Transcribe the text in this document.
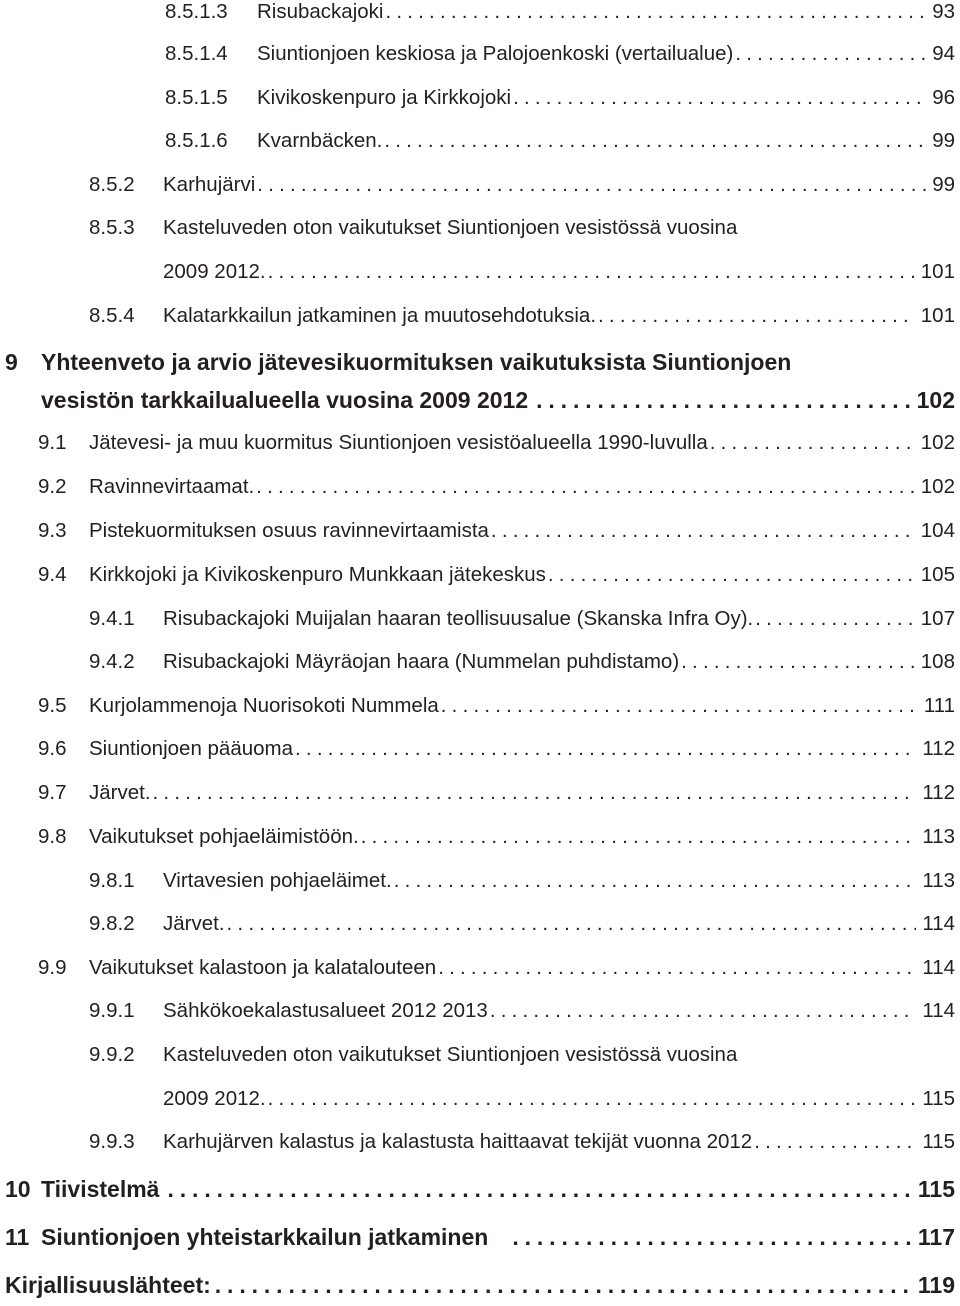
8.5.1.3	Risubackajoki . . .	93
8.5.1.4	Siuntionjoen keskiosa ja Palojoenkoski (vertailualue) . . .	94
8.5.1.5	Kivikoskenpuro ja Kirkkojoki . . .	96
8.5.1.6	Kvarnbäcken. . . .	99
8.5.2	Karhujärvi . . .	99
8.5.3	Kasteluveden oton vaikutukset Siuntionjoen vesistössä vuosina
2009 2012. . . .	101
8.5.4	Kalatarkkailun jatkaminen ja muutosehdotuksia. . . .	101
9	Yhteenveto ja arvio jätevesikuormituksen vaikutuksista Siuntionjoen
vesistön tarkkailualueella vuosina 2009 2012 . . .	102
9.1	Jätevesi- ja muu kuormitus Siuntionjoen vesistöalueella 1990-luvulla . . .	102
9.2	Ravinnevirtaamat. . . .	102
9.3	Pistekuormituksen osuus ravinnevirtaamista . . .	104
9.4	Kirkkojoki ja Kivikoskenpuro Munkkaan jätekeskus . . .	105
9.4.1	Risubackajoki Muijalan haaran teollisuusalue (Skanska Infra Oy). . . .	107
9.4.2	Risubackajoki Mäyräojan haara (Nummelan puhdistamo) . . .	108
9.5	Kurjolammenoja Nuorisokoti Nummela . . .	111
9.6	Siuntionjoen pääuoma . . .	112
9.7	Järvet. . . .	112
9.8	Vaikutukset pohjaeläimistöön. . . .	113
9.8.1	Virtavesien pohjaeläimet. . . .	113
9.8.2	Järvet. . . .	114
9.9	Vaikutukset kalastoon ja kalatalouteen . . .	114
9.9.1	Sähkökoekalastusalueet 2012 2013 . . .	114
9.9.2	Kasteluveden oton vaikutukset Siuntionjoen vesistössä vuosina
2009 2012. . . .	115
9.9.3	Karhujärven kalastus ja kalastusta haittaavat tekijät vuonna 2012 . . .	115
10 Tiivistelmä . . .	115
11 Siuntionjoen yhteistarkkailun jatkaminen . . .	117
Kirjallisuuslähteet: . . .	119
